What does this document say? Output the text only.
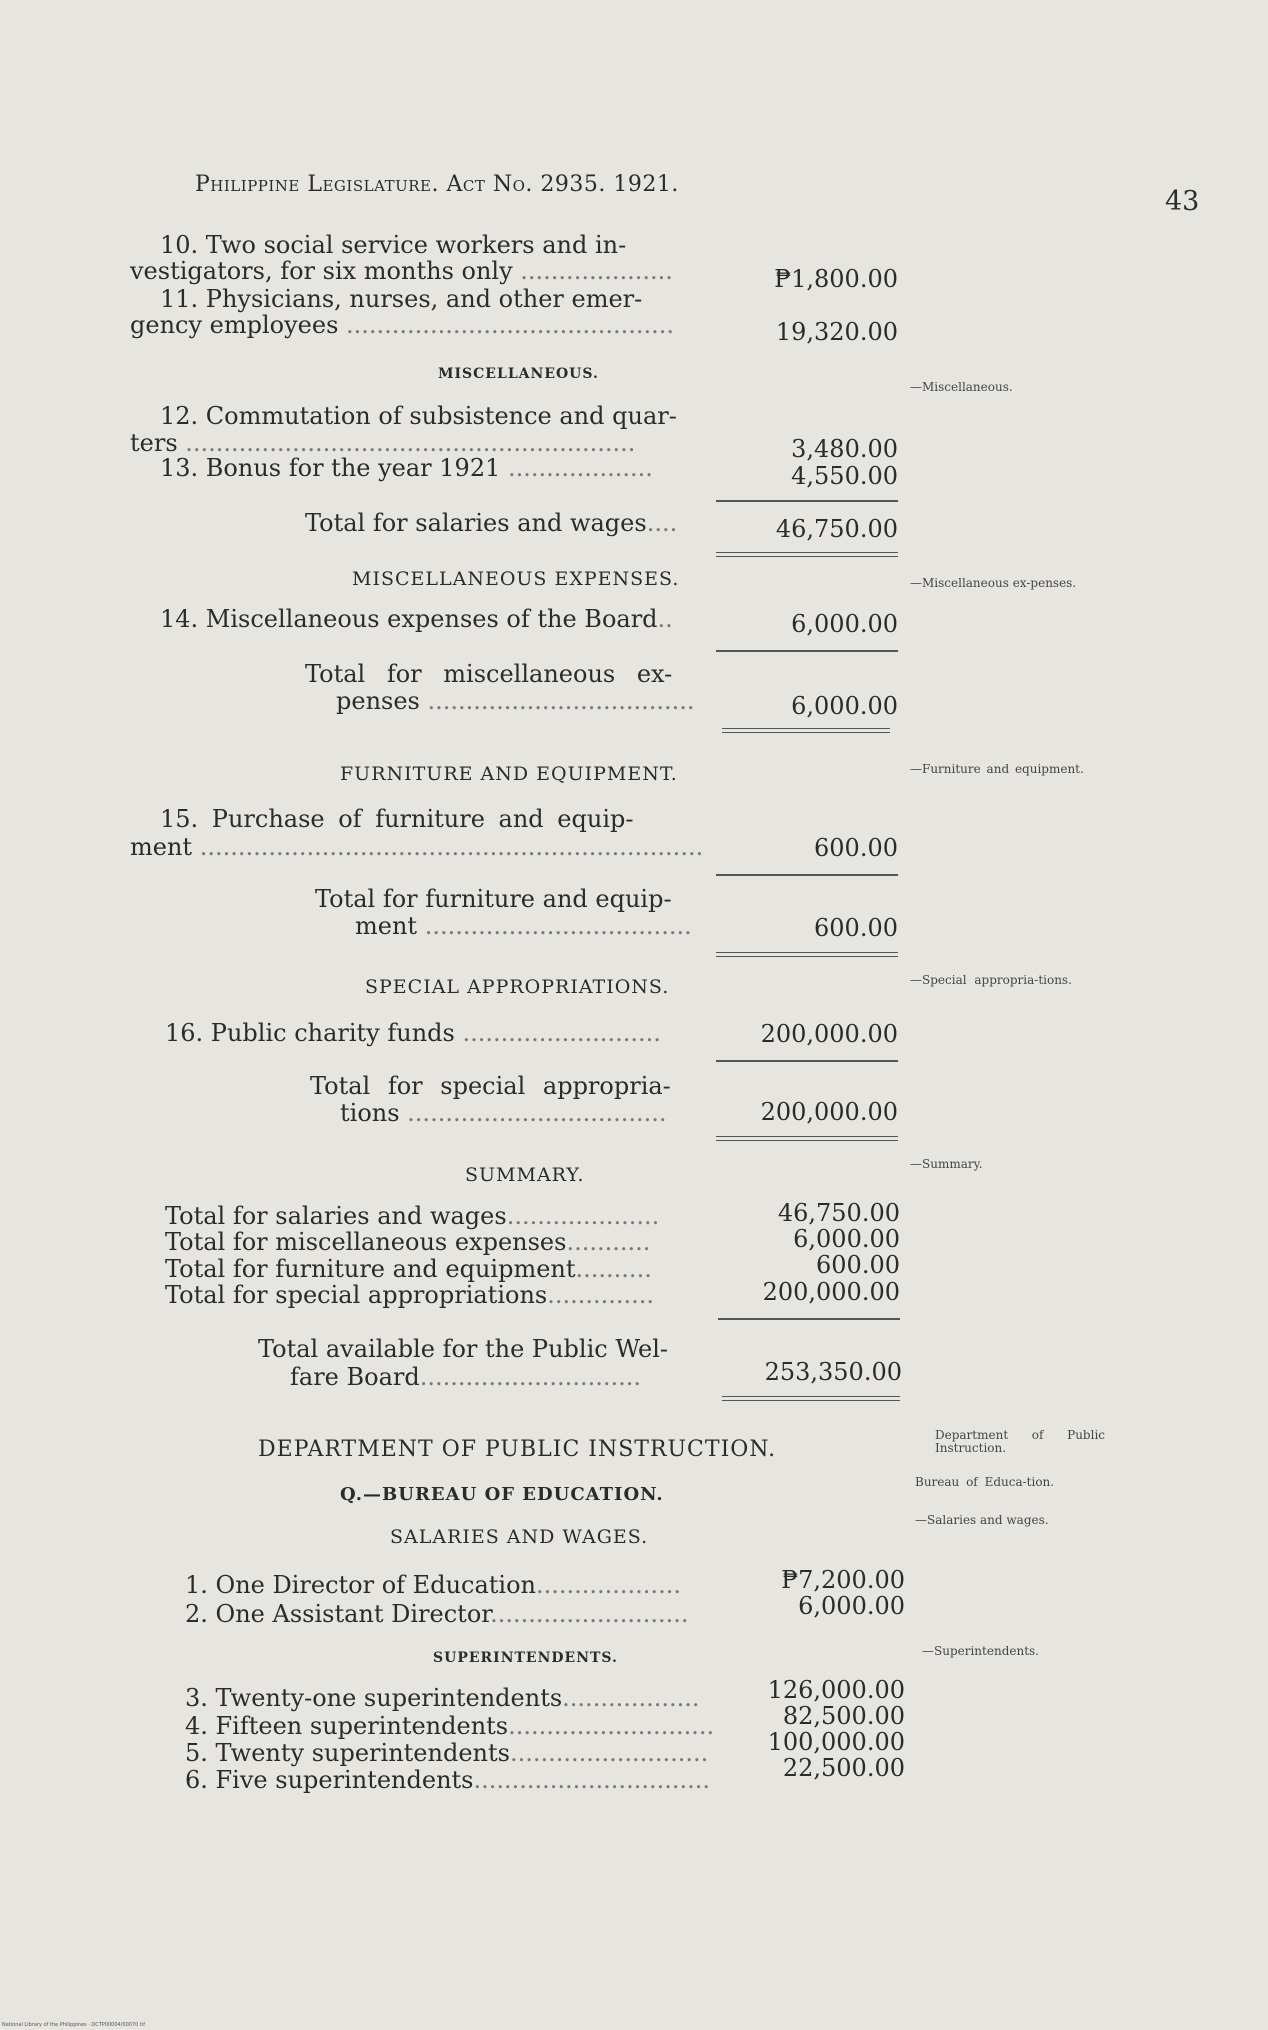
Philippine Legislature. Act No. 2935. 1921.
43
10. Two social service workers and in-
vestigators, for six months only ....................	₱1,800.00
11. Physicians, nurses, and other emer-
gency employees ...........................................	19,320.00
MISCELLANEOUS.
—Miscellaneous.
12. Commutation of subsistence and quar-
ters ...........................................................	3,480.00
13. Bonus for the year 1921 ...................	4,550.00
Total for salaries and wages....	46,750.00
MISCELLANEOUS EXPENSES.	—Miscellaneous ex-penses.
14. Miscellaneous expenses of the Board..	6,000.00
Total for miscellaneous ex-
penses ...................................	6,000.00
FURNITURE AND EQUIPMENT.	—Furniture and equipment.
15. Purchase of furniture and equip-
ment ..................................................................	600.00
Total for furniture and equip-
ment ...................................	600.00
SPECIAL APPROPRIATIONS.	—Special appropria-tions.
16. Public charity funds ..........................	200,000.00
Total for special appropria-
tions ..................................	200,000.00
SUMMARY.	—Summary.
Total for salaries and wages....................	46,750.00
Total for miscellaneous expenses...........	6,000.00
Total for furniture and equipment..........	600.00
Total for special appropriations..............	200,000.00
Total available for the Public Wel-
fare Board.............................	253,350.00
DEPARTMENT OF PUBLIC INSTRUCTION.
Department of Public Instruction.
Q.—BUREAU OF EDUCATION.
Bureau of Educa-tion.
—Salaries and wages.
SALARIES AND WAGES.
1. One Director of Education...................	₱7,200.00
2. One Assistant Director..........................	6,000.00
SUPERINTENDENTS.	—Superintendents.
3. Twenty-one superintendents..................	126,000.00
4. Fifteen superintendents...........................	82,500.00
5. Twenty superintendents..........................	100,000.00
6. Five superintendents...............................	22,500.00
National Library of the Philippines · DCTP00004/00070 tif
